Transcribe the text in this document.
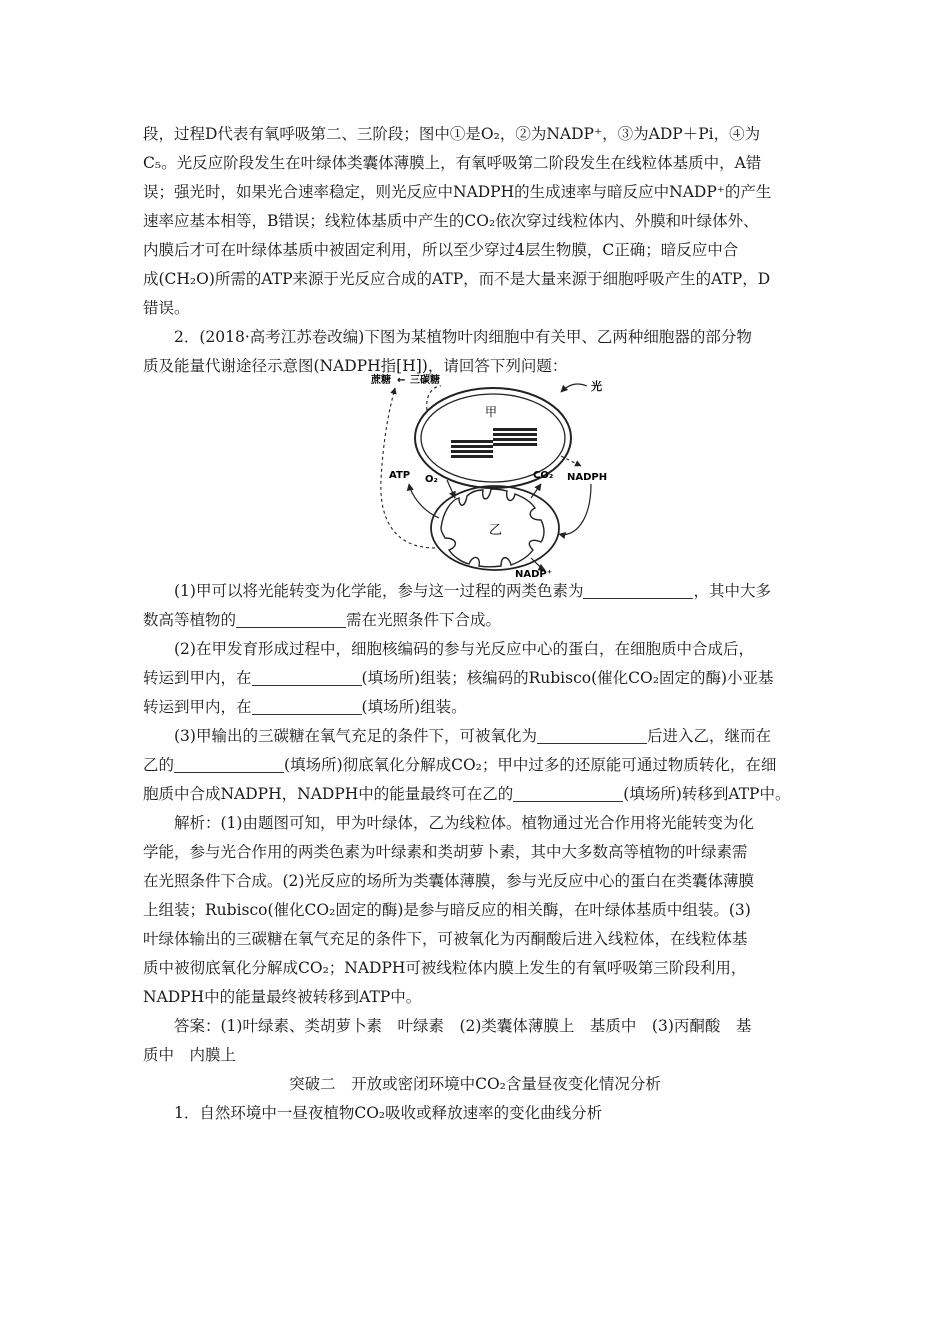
段，过程D代表有氧呼吸第二、三阶段；图中①是O₂，②为NADP⁺，③为ADP＋Pi，④为
C₅。光反应阶段发生在叶绿体类囊体薄膜上，有氧呼吸第二阶段发生在线粒体基质中，A错
误；强光时，如果光合速率稳定，则光反应中NADPH的生成速率与暗反应中NADP⁺的产生
速率应基本相等，B错误；线粒体基质中产生的CO₂依次穿过线粒体内、外膜和叶绿体外、
内膜后才可在叶绿体基质中被固定利用，所以至少穿过4层生物膜，C正确；暗反应中合
成(CH₂O)所需的ATP来源于光反应合成的ATP，而不是大量来源于细胞呼吸产生的ATP，D
错误。
2．(2018·高考江苏卷改编)下图为某植物叶肉细胞中有关甲、乙两种细胞器的部分物
质及能量代谢途径示意图(NADPH指[H])，请回答下列问题：
甲
乙
蔗糖 ← 三碳糖	光
ATP O₂	CO₂ NADPH
NADP⁺
(1)甲可以将光能转变为化学能，参与这一过程的两类色素为	，其中大多
数高等植物的	需在光照条件下合成。
(2)在甲发育形成过程中，细胞核编码的参与光反应中心的蛋白，在细胞质中合成后，
转运到甲内，在	(填场所)组装；核编码的Rubisco(催化CO₂固定的酶)小亚基
转运到甲内，在	(填场所)组装。
(3)甲输出的三碳糖在氧气充足的条件下，可被氧化为	后进入乙，继而在
乙的	(填场所)彻底氧化分解成CO₂；甲中过多的还原能可通过物质转化，在细
胞质中合成NADPH，NADPH中的能量最终可在乙的	(填场所)转移到ATP中。
解析：(1)由题图可知，甲为叶绿体，乙为线粒体。植物通过光合作用将光能转变为化
学能，参与光合作用的两类色素为叶绿素和类胡萝卜素，其中大多数高等植物的叶绿素需
在光照条件下合成。(2)光反应的场所为类囊体薄膜，参与光反应中心的蛋白在类囊体薄膜
上组装；Rubisco(催化CO₂固定的酶)是参与暗反应的相关酶，在叶绿体基质中组装。(3)
叶绿体输出的三碳糖在氧气充足的条件下，可被氧化为丙酮酸后进入线粒体，在线粒体基
质中被彻底氧化分解成CO₂；NADPH可被线粒体内膜上发生的有氧呼吸第三阶段利用，
NADPH中的能量最终被转移到ATP中。
答案：(1)叶绿素、类胡萝卜素　叶绿素　(2)类囊体薄膜上　基质中　(3)丙酮酸　基
质中　内膜上
突破二　开放或密闭环境中CO₂含量昼夜变化情况分析
1．自然环境中一昼夜植物CO₂吸收或释放速率的变化曲线分析
